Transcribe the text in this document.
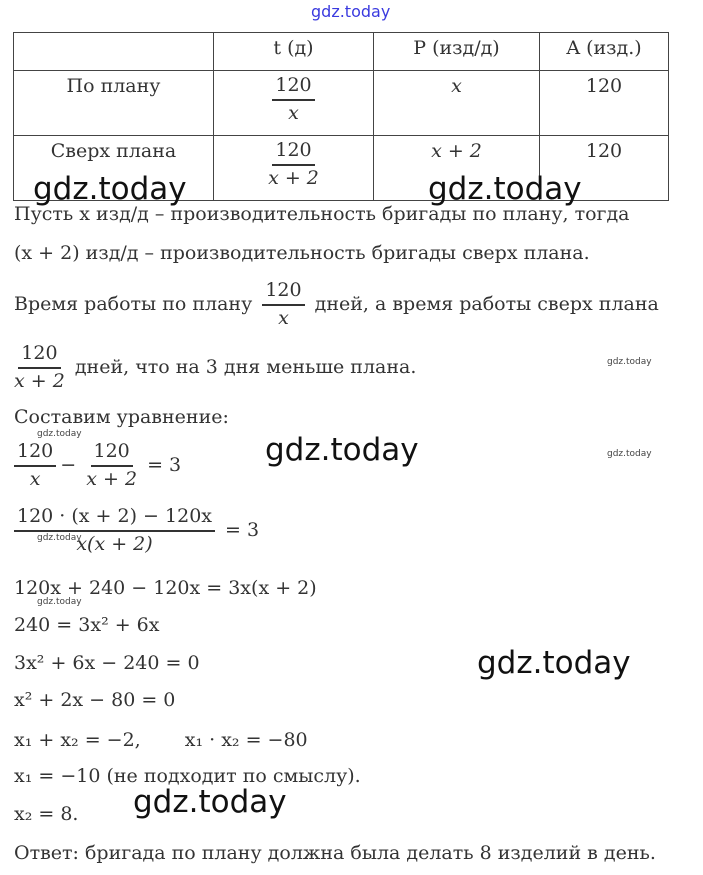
gdz.today
	t (д)	P (изд/д)	A (изд.)
По плану	$\frac{120}{x}$	x	120
Сверх плана	$\frac{120}{x + 2}$	x + 2	120
Пусть x изд/д – производительность бригады по плану, тогда
(x + 2) изд/д – производительность бригады сверх плана.
Время работы по плану $\frac{120}{x}$ дней, а время работы сверх плана
$\frac{120}{x + 2}$ дней, что на 3 дня меньше плана.
Составим уравнение:
$\frac{120}{x} - \frac{120}{x + 2} = 3$
$\frac{120 \cdot (x + 2) - 120x}{x(x + 2)} = 3$
120x + 240 − 120x = 3x(x + 2)
240 = 3x² + 6x
3x² + 6x − 240 = 0
x² + 2x − 80 = 0
x₁ + x₂ = −2, x₁ · x₂ = −80
x₁ = −10 (не подходит по смыслу).
x₂ = 8.
Ответ: бригада по плану должна была делать 8 изделий в день.
gdz.today	gdz.today
gdz.today
gdz.today
gdz.today
gdz.today
gdz.today
gdz.today
gdz.today
gdz.today
